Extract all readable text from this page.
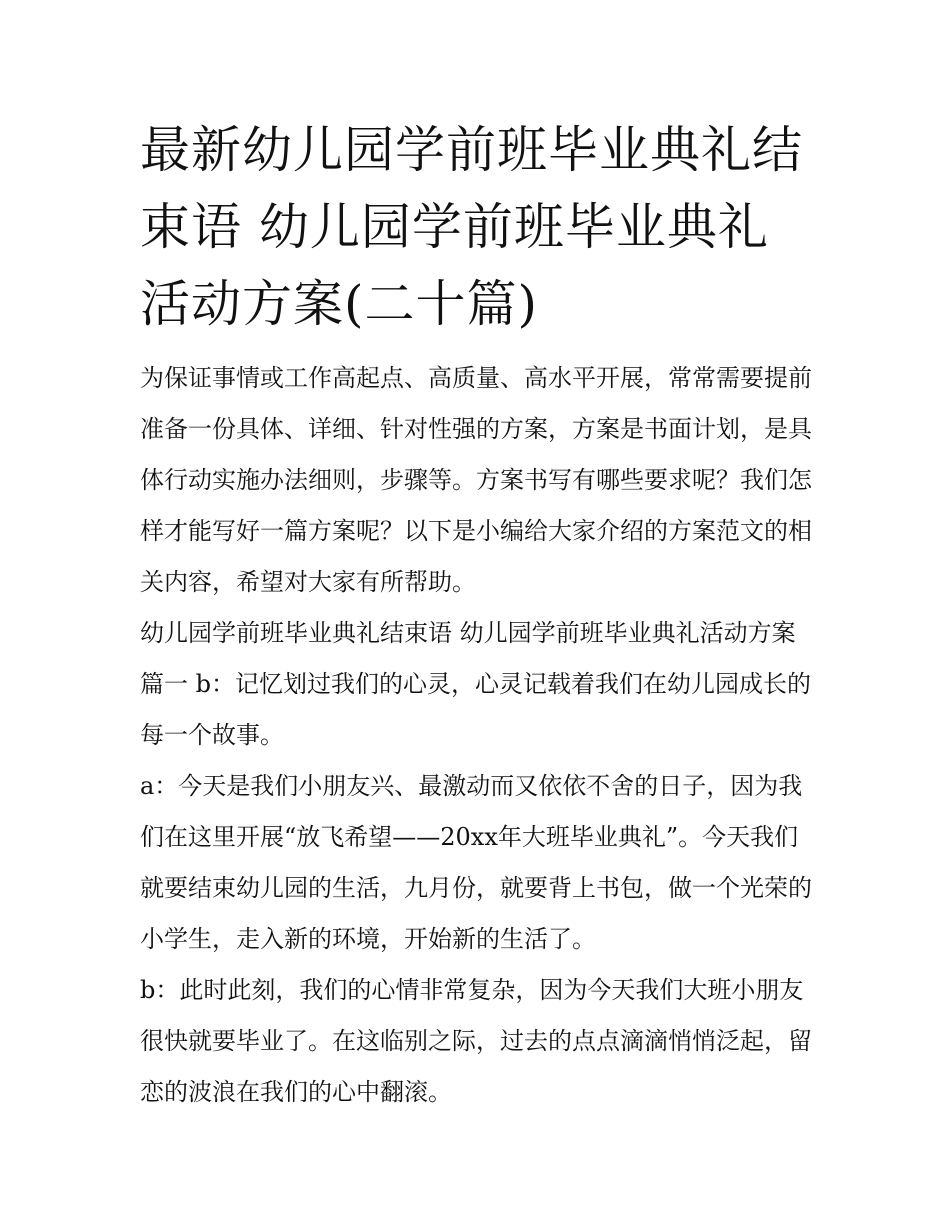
最新幼儿园学前班毕业典礼结束语 幼儿园学前班毕业典礼活动方案(二十篇)

为保证事情或工作高起点、高质量、高水平开展，常常需要提前准备一份具体、详细、针对性强的方案，方案是书面计划，是具体行动实施办法细则，步骤等。方案书写有哪些要求呢？我们怎样才能写好一篇方案呢？以下是小编给大家介绍的方案范文的相关内容，希望对大家有所帮助。

幼儿园学前班毕业典礼结束语 幼儿园学前班毕业典礼活动方案篇一 b：记忆划过我们的心灵，心灵记载着我们在幼儿园成长的每一个故事。

a：今天是我们小朋友兴、最激动而又依依不舍的日子，因为我们在这里开展“放飞希望——20xx年大班毕业典礼”。今天我们就要结束幼儿园的生活，九月份，就要背上书包，做一个光荣的小学生，走入新的环境，开始新的生活了。

b：此时此刻，我们的心情非常复杂，因为今天我们大班小朋友很快就要毕业了。在这临别之际，过去的点点滴滴悄悄泛起，留恋的波浪在我们的心中翻滚。
